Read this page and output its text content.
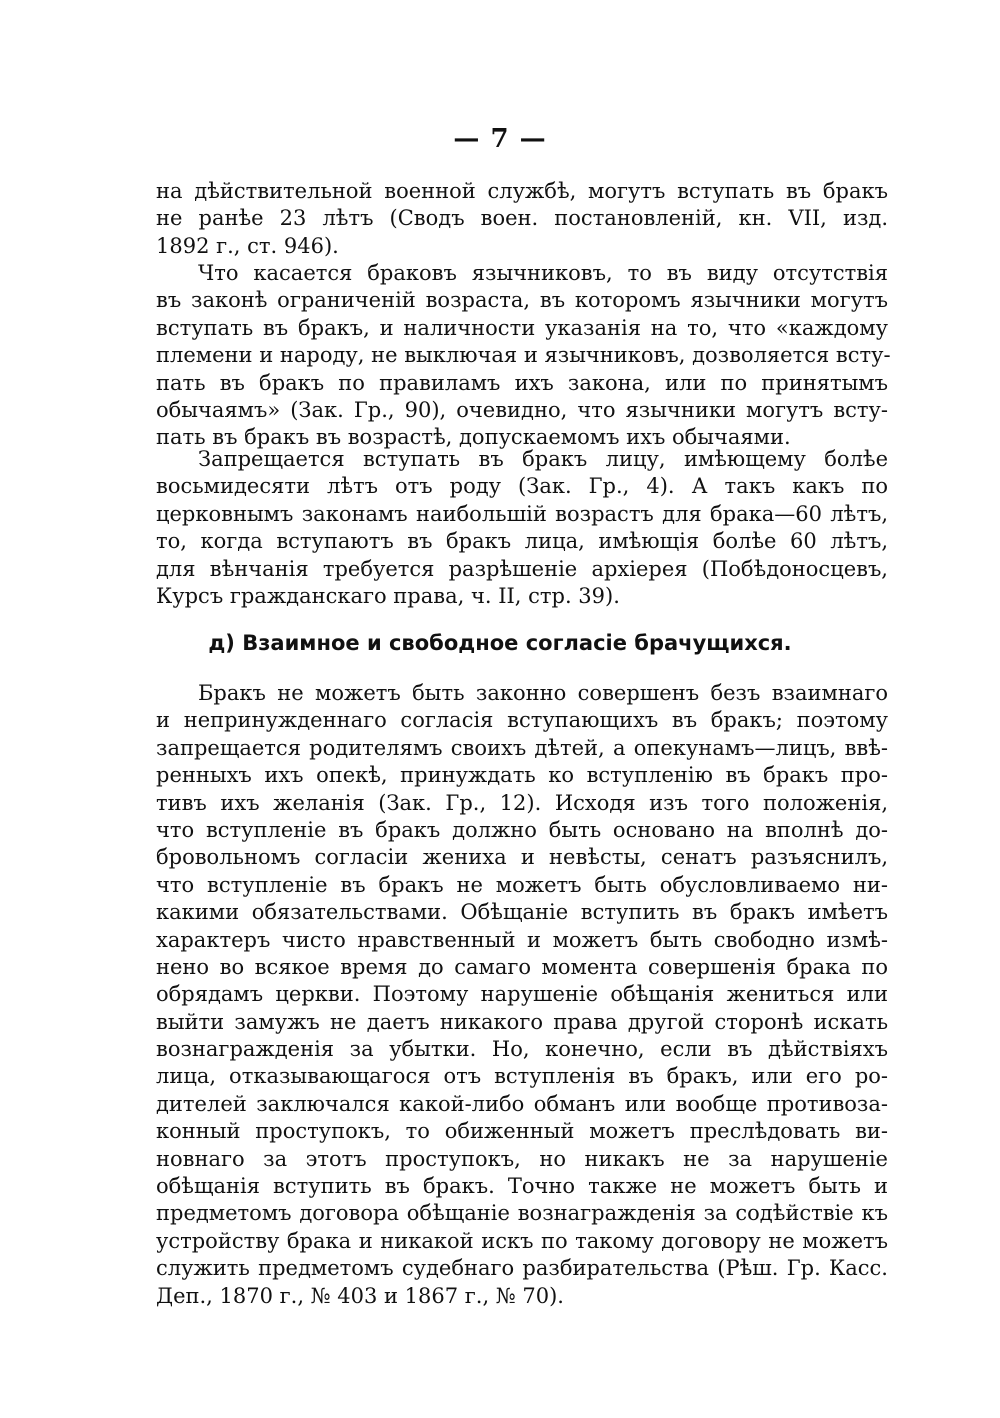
— 7 —
на дѣйствительной военной службѣ, могутъ вступать въ бракъ
не ранѣе 23 лѣтъ (Сводъ воен. постановленій, кн. VII, изд.
1892 г., ст. 946).
Что касается браковъ язычниковъ, то въ виду отсутствія
въ законѣ ограниченій возраста, въ которомъ язычники могутъ
вступать въ бракъ, и наличности указанія на то, что «каждому
племени и народу, не выключая и язычниковъ, дозволяется всту-
пать въ бракъ по правиламъ ихъ закона, или по принятымъ
обычаямъ» (Зак. Гр., 90), очевидно, что язычники могутъ всту-
пать въ бракъ въ возрастѣ, допускаемомъ ихъ обычаями.
Запрещается вступать въ бракъ лицу, имѣющему болѣе
восьмидесяти лѣтъ отъ роду (Зак. Гр., 4). А такъ какъ по
церковнымъ законамъ наибольшій возрастъ для брака—60 лѣтъ,
то, когда вступаютъ въ бракъ лица, имѣющія болѣе 60 лѣтъ,
для вѣнчанія требуется разрѣшеніе архіерея (Побѣдоносцевъ,
Курсъ гражданскаго права, ч. II, стр. 39).
д) Взаимное и свободное согласіе брачущихся.
Бракъ не можетъ быть законно совершенъ безъ взаимнаго
и непринужденнаго согласія вступающихъ въ бракъ; поэтому
запрещается родителямъ своихъ дѣтей, а опекунамъ—лицъ, ввѣ-
ренныхъ ихъ опекѣ, принуждать ко вступленію въ бракъ про-
тивъ ихъ желанія (Зак. Гр., 12). Исходя изъ того положенія,
что вступленіе въ бракъ должно быть основано на вполнѣ до-
бровольномъ согласіи жениха и невѣсты, сенатъ разъяснилъ,
что вступленіе въ бракъ не можетъ быть обусловливаемо ни-
какими обязательствами. Обѣщаніе вступить въ бракъ имѣетъ
характеръ чисто нравственный и можетъ быть свободно измѣ-
нено во всякое время до самаго момента совершенія брака по
обрядамъ церкви. Поэтому нарушеніе обѣщанія жениться или
выйти замужъ не даетъ никакого права другой сторонѣ искать
вознагражденія за убытки. Но, конечно, если въ дѣйствіяхъ
лица, отказывающагося отъ вступленія въ бракъ, или его ро-
дителей заключался какой-либо обманъ или вообще противоза-
конный проступокъ, то обиженный можетъ преслѣдовать ви-
новнаго за этотъ проступокъ, но никакъ не за нарушеніе
обѣщанія вступить въ бракъ. Точно также не можетъ быть и
предметомъ договора обѣщаніе вознагражденія за содѣйствіе къ
устройству брака и никакой искъ по такому договору не можетъ
служить предметомъ судебнаго разбирательства (Рѣш. Гр. Касс.
Деп., 1870 г., № 403 и 1867 г., № 70).
